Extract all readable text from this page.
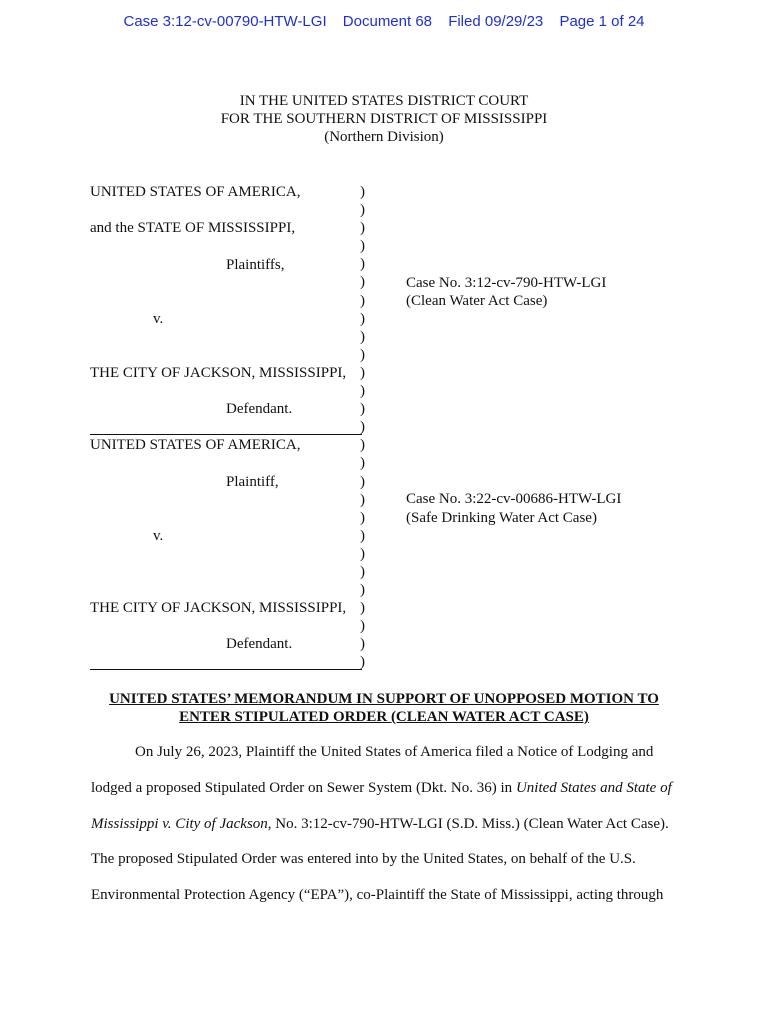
Case 3:12-cv-00790-HTW-LGI Document 68 Filed 09/29/23 Page 1 of 24
IN THE UNITED STATES DISTRICT COURT
FOR THE SOUTHERN DISTRICT OF MISSISSIPPI
(Northern Division)
UNITED STATES OF AMERICA,
and the STATE OF MISSISSIPPI,
Plaintiffs,
v.
THE CITY OF JACKSON, MISSISSIPPI,
Defendant.
Case No. 3:12-cv-790-HTW-LGI
(Clean Water Act Case)
UNITED STATES OF AMERICA,
Plaintiff,
v.
THE CITY OF JACKSON, MISSISSIPPI,
Defendant.
Case No. 3:22-cv-00686-HTW-LGI
(Safe Drinking Water Act Case)
)
)
)
)
)
)
)
)
)
)
)
)
)
)
)
)
)
)
)
)
)
)
)
)
)
)
)
UNITED STATES’ MEMORANDUM IN SUPPORT OF UNOPPOSED MOTION TO
ENTER STIPULATED ORDER (CLEAN WATER ACT CASE)
On July 26, 2023, Plaintiff the United States of America filed a Notice of Lodging and
lodged a proposed Stipulated Order on Sewer System (Dkt. No. 36) in United States and State of
Mississippi v. City of Jackson, No. 3:12-cv-790-HTW-LGI (S.D. Miss.) (Clean Water Act Case).
The proposed Stipulated Order was entered into by the United States, on behalf of the U.S.
Environmental Protection Agency (“EPA”), co-Plaintiff the State of Mississippi, acting through
